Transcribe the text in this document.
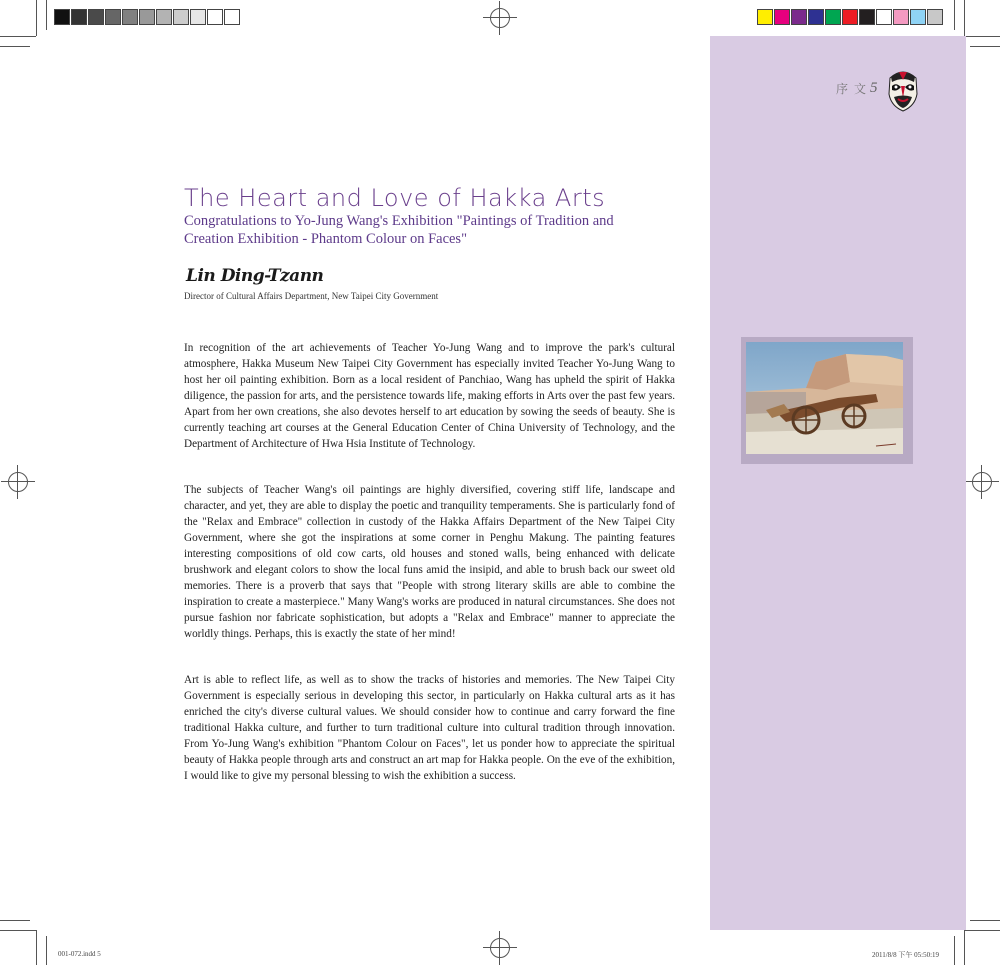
序文
5
The Heart and Love of Hakka Arts
Congratulations to Yo-Jung Wang's Exhibition "Paintings of Tradition and Creation Exhibition - Phantom Colour on Faces"
Lin Ding-Tzann
Director of Cultural Affairs Department, New Taipei City Government

In recognition of the art achievements of Teacher Yo-Jung Wang and to improve the park's cultural atmosphere, Hakka Museum New Taipei City Government has especially invited Teacher Yo-Jung Wang to host her oil painting exhibition. Born as a local resident of Panchiao, Wang has upheld the spirit of Hakka diligence, the passion for arts, and the persistence towards life, making efforts in Arts over the past few years. Apart from her own creations, she also devotes herself to art education by sowing the seeds of beauty. She is currently teaching art courses at the General Education Center of China University of Technology, and the Department of Architecture of Hwa Hsia Institute of Technology.

The subjects of Teacher Wang's oil paintings are highly diversified, covering stiff life, landscape and character, and yet, they are able to display the poetic and tranquility temperaments. She is particularly fond of the "Relax and Embrace" collection in custody of the Hakka Affairs Department of the New Taipei City Government, where she got the inspirations at some corner in Penghu Makung. The painting features interesting compositions of old cow carts, old houses and stoned walls, being enhanced with delicate brushwork and elegant colors to show the local funs amid the insipid, and able to brush back our sweet old memories. There is a proverb that says that "People with strong literary skills are able to combine the inspiration to create a masterpiece." Many Wang's works are produced in natural circumstances. She does not pursue fashion nor fabricate sophistication, but adopts a "Relax and Embrace" manner to appreciate the worldly things. Perhaps, this is exactly the state of her mind!

Art is able to reflect life, as well as to show the tracks of histories and memories. The New Taipei City Government is especially serious in developing this sector, in particularly on Hakka cultural arts as it has enriched the city's diverse cultural values. We should consider how to continue and carry forward the fine traditional Hakka culture, and further to turn traditional culture into cultural tradition through innovation. From Yo-Jung Wang's exhibition "Phantom Colour on Faces", let us ponder how to appreciate the spiritual beauty of Hakka people through arts and construct an art map for Hakka people. On the eve of the exhibition, I would like to give my personal blessing to wish the exhibition a success.

001-072.indd 5	2011/8/8 下午 05:50:19
